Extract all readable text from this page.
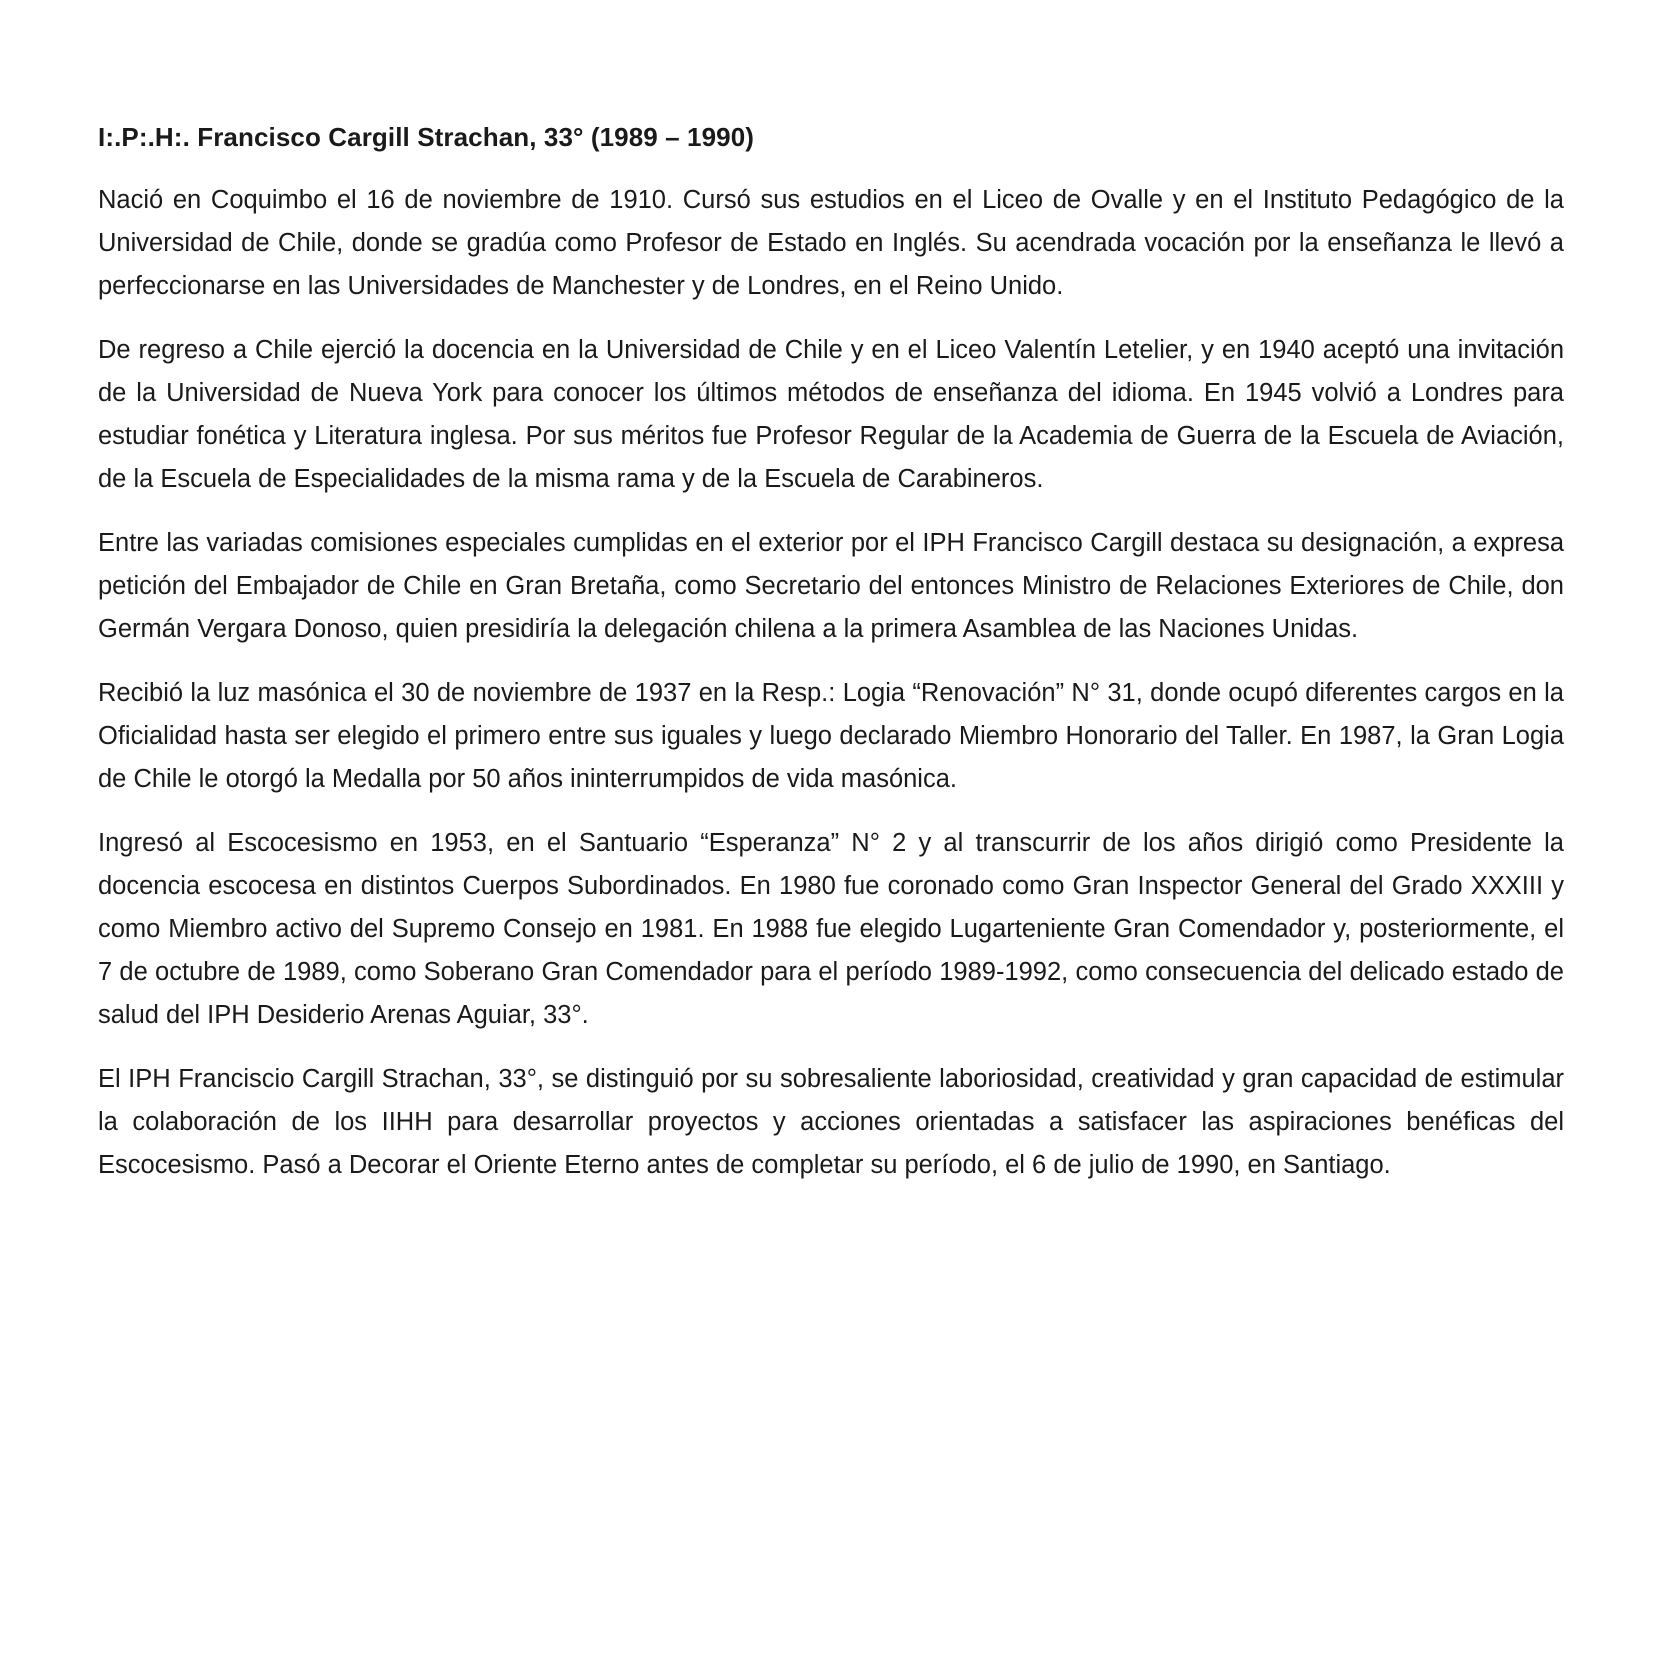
I:.P:.H:. Francisco Cargill Strachan, 33° (1989 – 1990)

Nació en Coquimbo el 16 de noviembre de 1910. Cursó sus estudios en el Liceo de Ovalle y en el Instituto Pedagógico de la Universidad de Chile, donde se gradúa como Profesor de Estado en Inglés. Su acendrada vocación por la enseñanza le llevó a perfeccionarse en las Universidades de Manchester y de Londres, en el Reino Unido.

De regreso a Chile ejerció la docencia en la Universidad de Chile y en el Liceo Valentín Letelier, y en 1940 aceptó una invitación de la Universidad de Nueva York para conocer los últimos métodos de enseñanza del idioma. En 1945 volvió a Londres para estudiar fonética y Literatura inglesa. Por sus méritos fue Profesor Regular de la Academia de Guerra de la Escuela de Aviación, de la Escuela de Especialidades de la misma rama y de la Escuela de Carabineros.

Entre las variadas comisiones especiales cumplidas en el exterior por el IPH Francisco Cargill destaca su designación, a expresa petición del Embajador de Chile en Gran Bretaña, como Secretario del entonces Ministro de Relaciones Exteriores de Chile, don Germán Vergara Donoso, quien presidiría la delegación chilena a la primera Asamblea de las Naciones Unidas.

Recibió la luz masónica el 30 de noviembre de 1937 en la Resp.: Logia “Renovación” N° 31, donde ocupó diferentes cargos en la Oficialidad hasta ser elegido el primero entre sus iguales y luego declarado Miembro Honorario del Taller. En 1987, la Gran Logia de Chile le otorgó la Medalla por 50 años ininterrumpidos de vida masónica.

Ingresó al Escocesismo en 1953, en el Santuario “Esperanza” N° 2 y al transcurrir de los años dirigió como Presidente la docencia escocesa en distintos Cuerpos Subordinados. En 1980 fue coronado como Gran Inspector General del Grado XXXIII y como Miembro activo del Supremo Consejo en 1981. En 1988 fue elegido Lugarteniente Gran Comendador y, posteriormente, el 7 de octubre de 1989, como Soberano Gran Comendador para el período 1989-1992, como consecuencia del delicado estado de salud del IPH Desiderio Arenas Aguiar, 33°.

El IPH Franciscio Cargill Strachan, 33°, se distinguió por su sobresaliente laboriosidad, creatividad y gran capacidad de estimular la colaboración de los IIHH para desarrollar proyectos y acciones orientadas a satisfacer las aspiraciones benéficas del Escocesismo. Pasó a Decorar el Oriente Eterno antes de completar su período, el 6 de julio de 1990, en Santiago.
